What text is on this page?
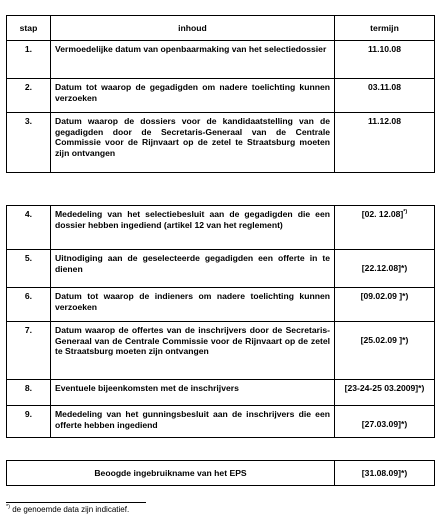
stap	inhoud	termijn
1.	Vermoedelijke datum van openbaarmaking van het selectiedossier	11.10.08
2.	Datum tot waarop de gegadigden om nadere toelichting kunnen verzoeken	03.11.08
3.	Datum waarop de dossiers voor de kandidaatstelling van de gegadigden door de Secretaris-Generaal van de Centrale Commissie voor de Rijnvaart op de zetel te Straatsburg moeten zijn ontvangen	11.12.08
4.	Mededeling van het selectiebesluit aan de gegadigden die een dossier hebben ingediend (artikel 12 van het reglement)	[02. 12.08]*)
5.	Uitnodiging aan de geselecteerde gegadigden een offerte in te dienen	[22.12.08]*)
6.	Datum tot waarop de indieners om nadere toelichting kunnen verzoeken	[09.02.09 ]*)
7.	Datum waarop de offertes van de inschrijvers door de Secretaris-Generaal van de Centrale Commissie voor de Rijnvaart op de zetel te Straatsburg moeten zijn ontvangen	[25.02.09 ]*)
8.	Eventuele bijeenkomsten met de inschrijvers	[23-24-25 03.2009]*)
9.	Mededeling van het gunningsbesluit aan de inschrijvers die een offerte hebben ingediend	[27.03.09]*)
Beoogde ingebruikname van het EPS	[31.08.09]*)
*) de genoemde data zijn indicatief.
